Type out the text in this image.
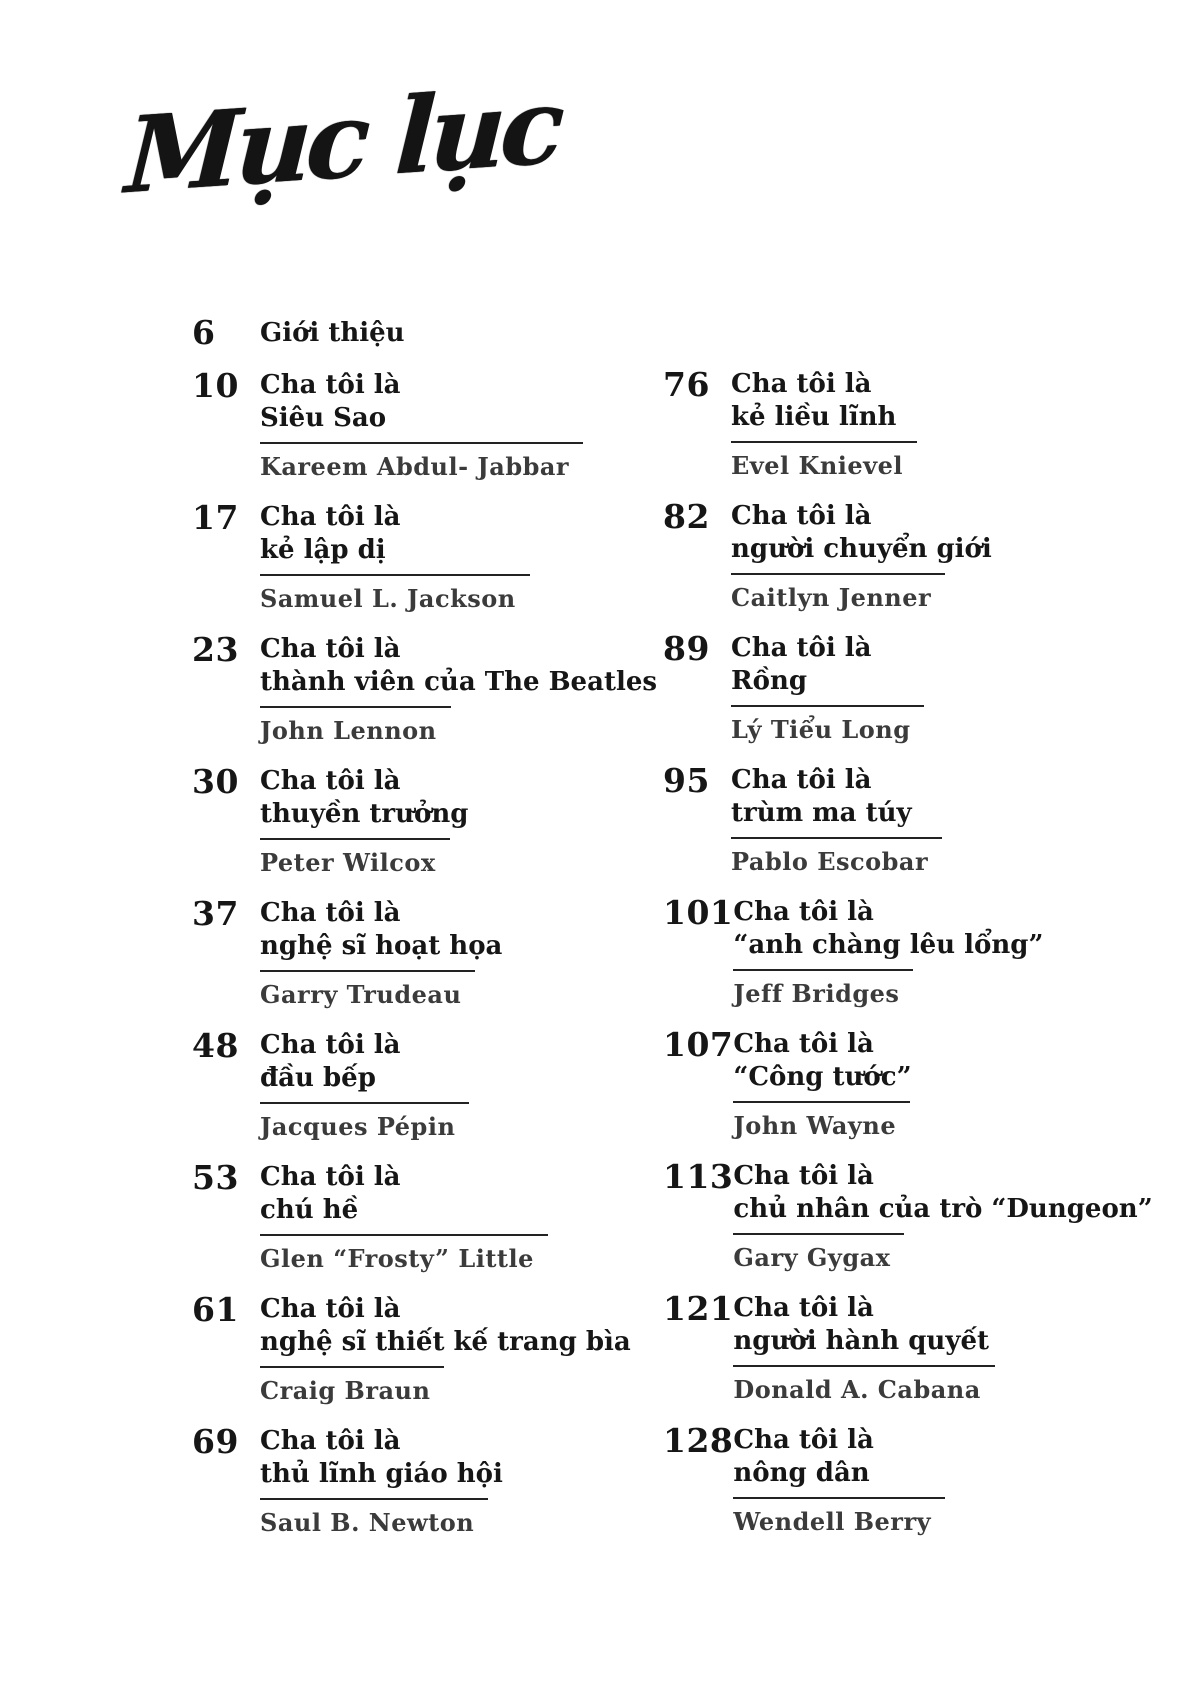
Mục lục
6	Giới thiệu
10 Cha tôi là
Siêu Sao
Kareem Abdul- Jabbar
17 Cha tôi là
kẻ lập dị
Samuel L. Jackson
23 Cha tôi là
thành viên của The Beatles
John Lennon
30 Cha tôi là
thuyền trưởng
Peter Wilcox
37 Cha tôi là
nghệ sĩ hoạt họa
Garry Trudeau
48 Cha tôi là
đầu bếp
Jacques Pépin
53 Cha tôi là
chú hề
Glen “Frosty” Little
61 Cha tôi là
nghệ sĩ thiết kế trang bìa
Craig Braun
69 Cha tôi là
thủ lĩnh giáo hội
Saul B. Newton
76 Cha tôi là
kẻ liều lĩnh
Evel Knievel
82 Cha tôi là
người chuyển giới
Caitlyn Jenner
89 Cha tôi là
Rồng
Lý Tiểu Long
95 Cha tôi là
trùm ma túy
Pablo Escobar
101 Cha tôi là
“anh chàng lêu lổng”
Jeff Bridges
107 Cha tôi là
“Công tước”
John Wayne
113 Cha tôi là
chủ nhân của trò “Dungeon”
Gary Gygax
121 Cha tôi là
người hành quyết
Donald A. Cabana
128 Cha tôi là
nông dân
Wendell Berry
